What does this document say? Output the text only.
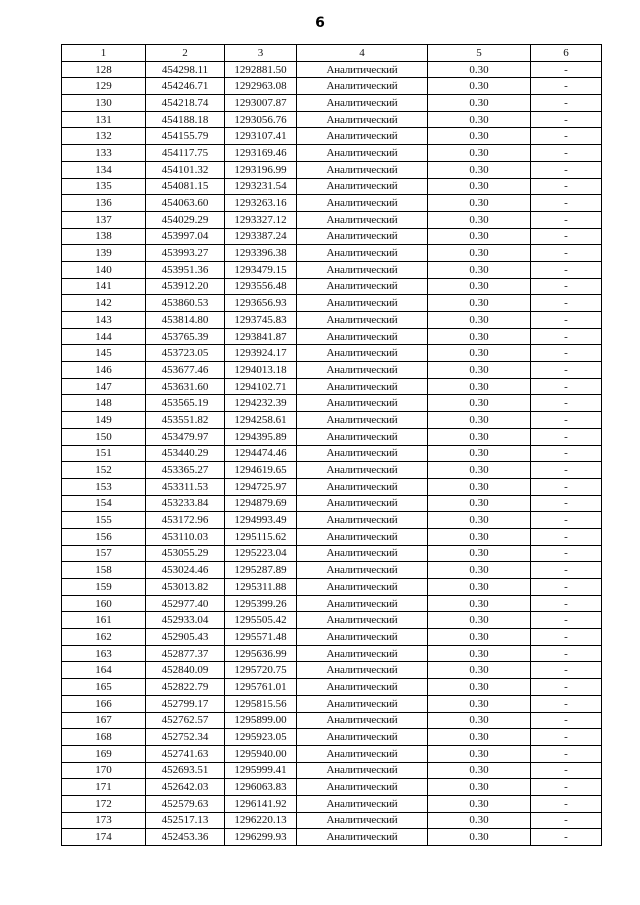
6
1	2	3	4	5	6
128	454298.11	1292881.50	Аналитический	0.30	-
129	454246.71	1292963.08	Аналитический	0.30	-
130	454218.74	1293007.87	Аналитический	0.30	-
131	454188.18	1293056.76	Аналитический	0.30	-
132	454155.79	1293107.41	Аналитический	0.30	-
133	454117.75	1293169.46	Аналитический	0.30	-
134	454101.32	1293196.99	Аналитический	0.30	-
135	454081.15	1293231.54	Аналитический	0.30	-
136	454063.60	1293263.16	Аналитический	0.30	-
137	454029.29	1293327.12	Аналитический	0.30	-
138	453997.04	1293387.24	Аналитический	0.30	-
139	453993.27	1293396.38	Аналитический	0.30	-
140	453951.36	1293479.15	Аналитический	0.30	-
141	453912.20	1293556.48	Аналитический	0.30	-
142	453860.53	1293656.93	Аналитический	0.30	-
143	453814.80	1293745.83	Аналитический	0.30	-
144	453765.39	1293841.87	Аналитический	0.30	-
145	453723.05	1293924.17	Аналитический	0.30	-
146	453677.46	1294013.18	Аналитический	0.30	-
147	453631.60	1294102.71	Аналитический	0.30	-
148	453565.19	1294232.39	Аналитический	0.30	-
149	453551.82	1294258.61	Аналитический	0.30	-
150	453479.97	1294395.89	Аналитический	0.30	-
151	453440.29	1294474.46	Аналитический	0.30	-
152	453365.27	1294619.65	Аналитический	0.30	-
153	453311.53	1294725.97	Аналитический	0.30	-
154	453233.84	1294879.69	Аналитический	0.30	-
155	453172.96	1294993.49	Аналитический	0.30	-
156	453110.03	1295115.62	Аналитический	0.30	-
157	453055.29	1295223.04	Аналитический	0.30	-
158	453024.46	1295287.89	Аналитический	0.30	-
159	453013.82	1295311.88	Аналитический	0.30	-
160	452977.40	1295399.26	Аналитический	0.30	-
161	452933.04	1295505.42	Аналитический	0.30	-
162	452905.43	1295571.48	Аналитический	0.30	-
163	452877.37	1295636.99	Аналитический	0.30	-
164	452840.09	1295720.75	Аналитический	0.30	-
165	452822.79	1295761.01	Аналитический	0.30	-
166	452799.17	1295815.56	Аналитический	0.30	-
167	452762.57	1295899.00	Аналитический	0.30	-
168	452752.34	1295923.05	Аналитический	0.30	-
169	452741.63	1295940.00	Аналитический	0.30	-
170	452693.51	1295999.41	Аналитический	0.30	-
171	452642.03	1296063.83	Аналитический	0.30	-
172	452579.63	1296141.92	Аналитический	0.30	-
173	452517.13	1296220.13	Аналитический	0.30	-
174	452453.36	1296299.93	Аналитический	0.30	-
